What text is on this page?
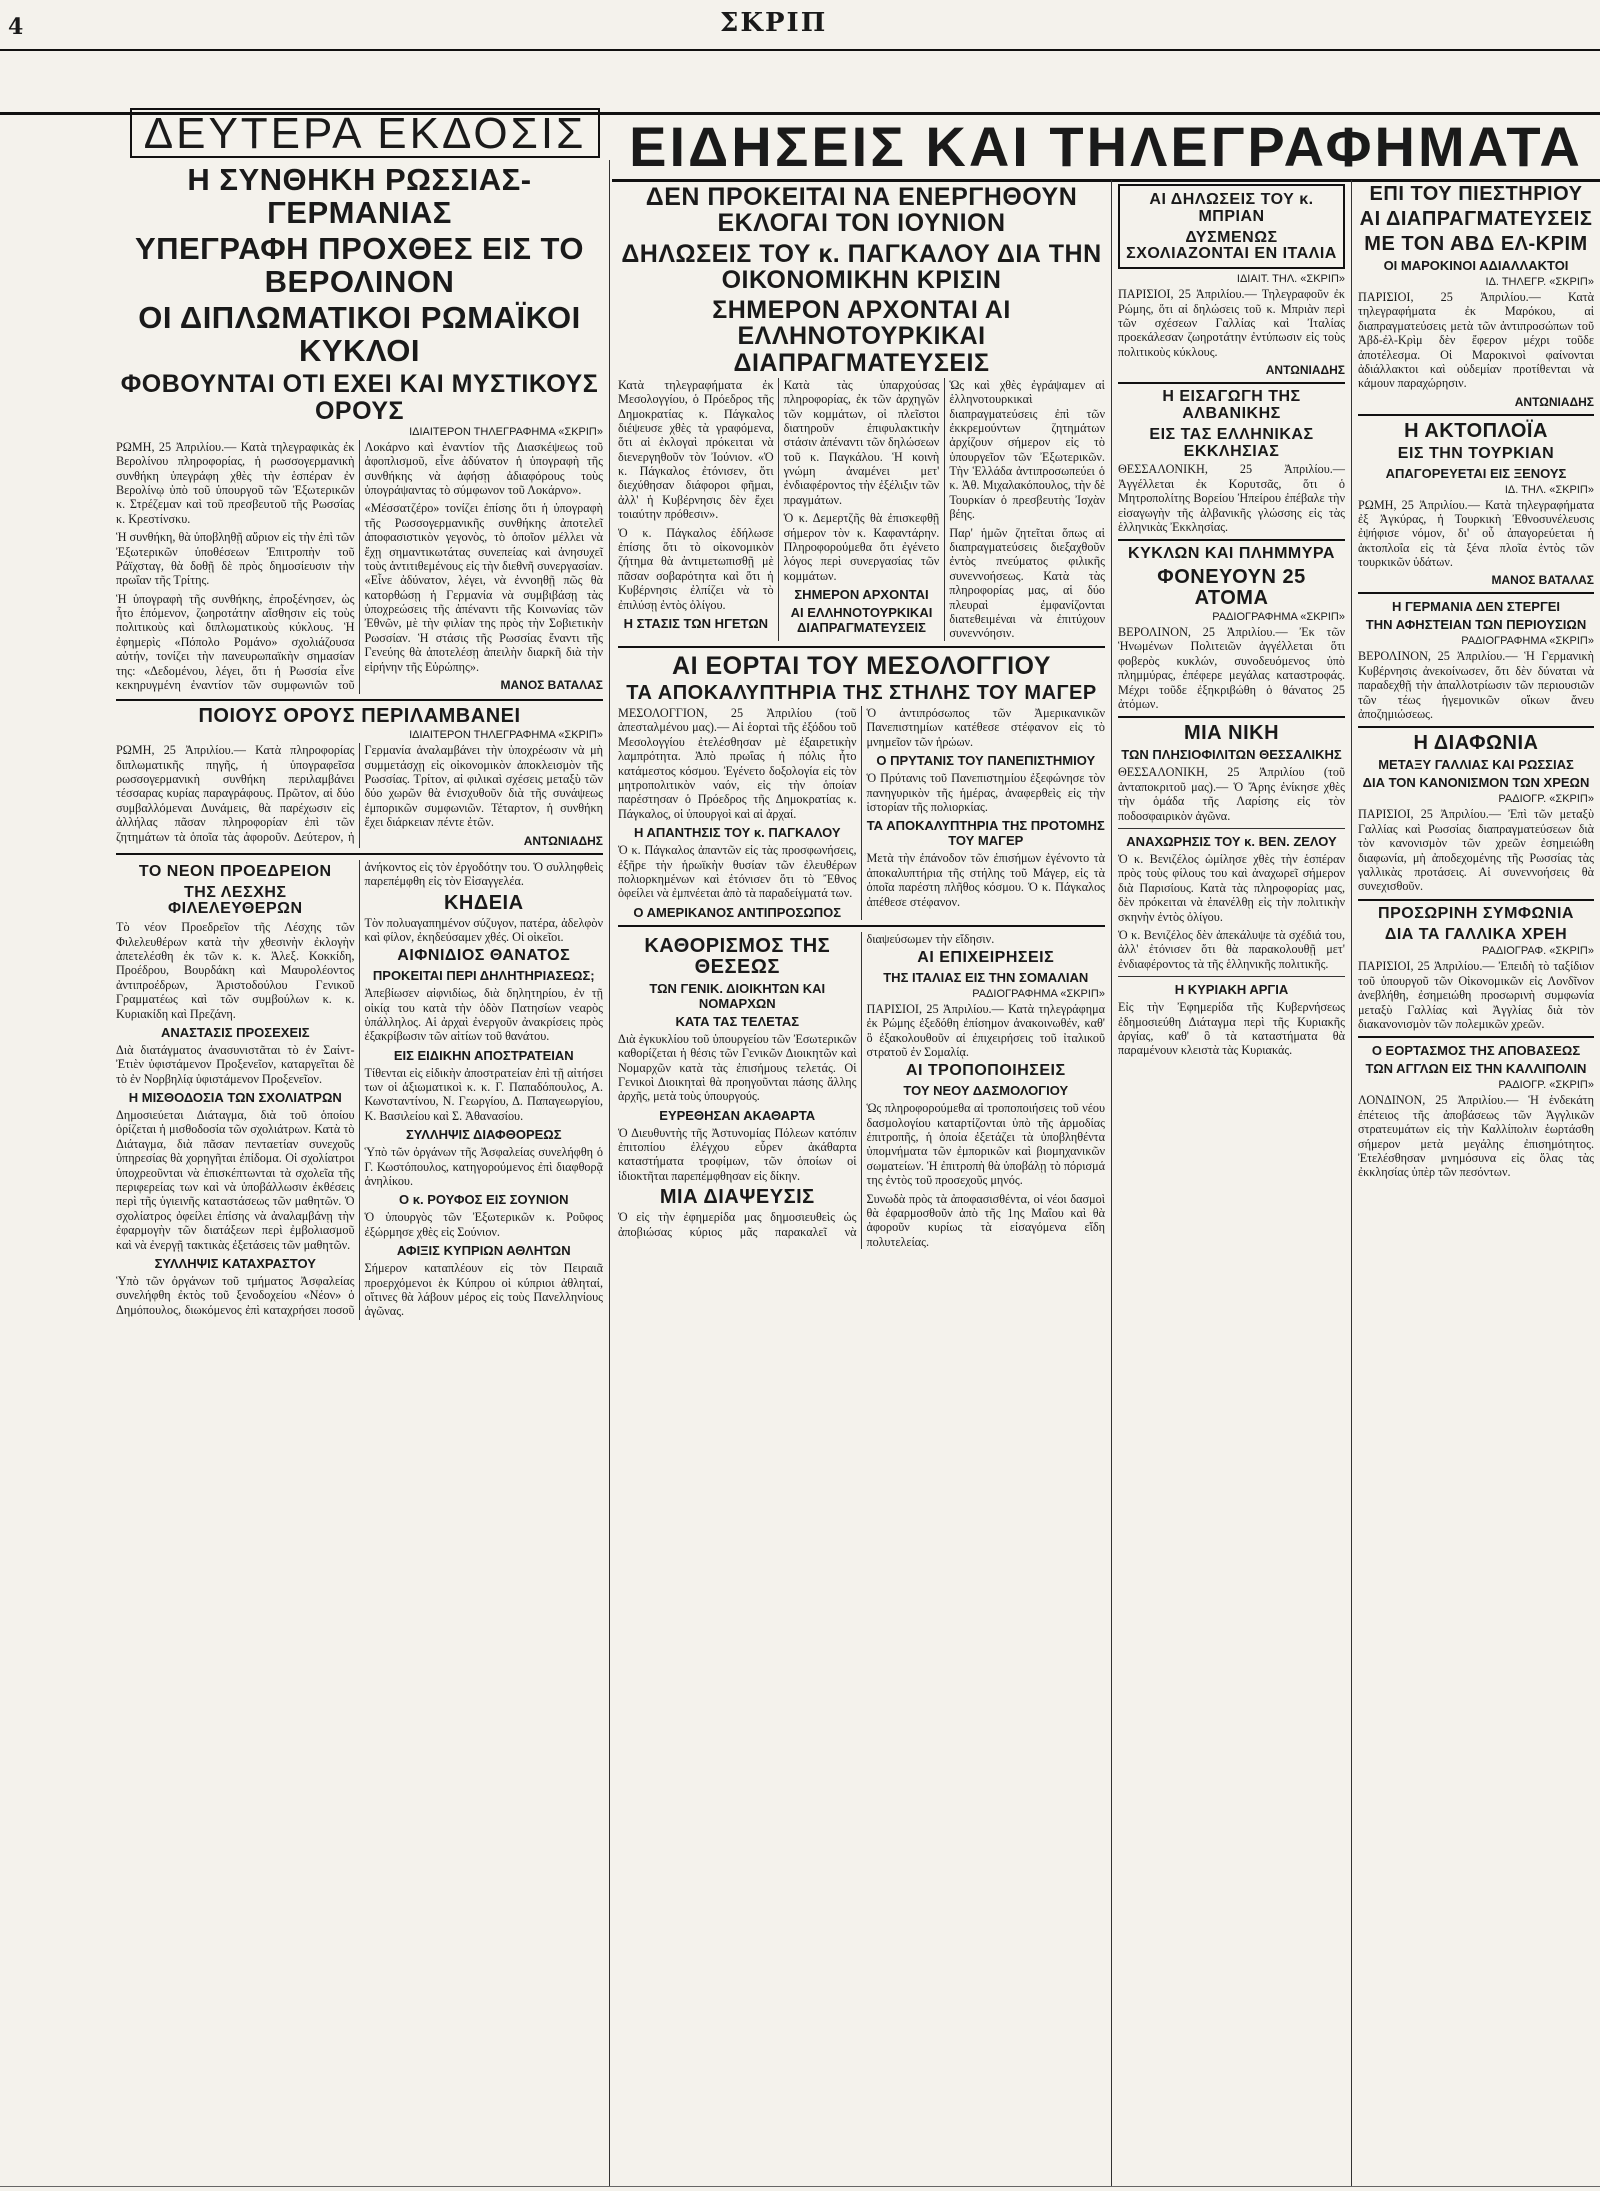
4	ΣΚΡΙΠ
ΔΕΥΤΕΡΑ ΕΚΔΟΣΙΣ ΕΙΔΗΣΕΙΣ ΚΑΙ ΤΗΛΕΓΡΑΦΗΜΑΤΑ
Η ΣΥΝΘΗΚΗ ΡΩΣΣΙΑΣ-ΓΕΡΜΑΝΙΑΣ
ΥΠΕΓΡΑΦΗ ΠΡΟΧΘΕΣ ΕΙΣ ΤΟ ΒΕΡΟΛΙΝΟΝ
ΟΙ ΔΙΠΛΩΜΑΤΙΚΟΙ ΡΩΜΑΪΚΟΙ ΚΥΚΛΟΙ
ΦΟΒΟΥΝΤΑΙ ΟΤΙ ΕΧΕΙ ΚΑΙ ΜΥΣΤΙΚΟΥΣ ΟΡΟΥΣ
ΙΔΙΑΙΤΕΡΟΝ ΤΗΛΕΓΡΑΦΗΜΑ «ΣΚΡΙΠ»

ΡΩΜΗ, 25 Ἀπριλίου.— Κατὰ τηλεγραφικὰς ἐκ Βερολίνου πληροφορίας, ἡ ρωσσογερμανικὴ συνθήκη ὑπεγράφη χθὲς τὴν ἑσπέραν ἐν Βερολίνῳ ὑπὸ τοῦ ὑπουργοῦ τῶν Ἐξωτερικῶν κ. Στρέζεμαν καὶ τοῦ πρεσβευτοῦ τῆς Ρωσσίας κ. Κρεστίνσκυ.

Ἡ συνθήκη, θὰ ὑποβληθῇ αὔριον εἰς τὴν ἐπὶ τῶν Ἐξωτερικῶν ὑποθέσεων Ἐπιτροπὴν τοῦ Ράϊχσταγ, θὰ δοθῇ δὲ πρὸς δημοσίευσιν τὴν πρωΐαν τῆς Τρίτης.

Ἡ ὑπογραφὴ τῆς συνθήκης, ἐπροξένησεν, ὡς ἦτο ἑπόμενον, ζωηροτάτην αἴσθησιν εἰς τοὺς πολιτικοὺς καὶ διπλωματικοὺς κύκλους. Ἡ ἐφημερὶς «Πόπολο Ρομάνο» σχολιάζουσα αὐτήν, τονίζει τὴν πανευρωπαϊκὴν σημασίαν της: «Δεδομένου, λέγει, ὅτι ἡ Ρωσσία εἶνε κεκηρυγμένη ἐναντίον τῶν συμφωνιῶν τοῦ Λοκάρνο καὶ ἐναντίον τῆς Διασκέψεως τοῦ ἀφοπλισμοῦ, εἶνε ἀδύνατον ἡ ὑπογραφὴ τῆς συνθήκης νὰ ἀφήσῃ ἀδιαφόρους τοὺς ὑπογράψαντας τὸ σύμφωνον τοῦ Λοκάρνο».

«Μέσσατζέρο» τονίζει ἐπίσης ὅτι ἡ ὑπογραφὴ τῆς Ρωσσογερμανικῆς συνθήκης ἀποτελεῖ ἀποφασιστικὸν γεγονὸς, τὸ ὁποῖον μέλλει νὰ ἔχῃ σημαντικωτάτας συνεπείας καὶ ἀνησυχεῖ τοὺς ἀντιτιθεμένους εἰς τὴν διεθνῆ συνεργασίαν. «Εἶνε ἀδύνατον, λέγει, νὰ ἐννοηθῇ πῶς θὰ κατορθώσῃ ἡ Γερμανία νὰ συμβιβάσῃ τὰς ὑποχρεώσεις τῆς ἀπέναντι τῆς Κοινωνίας τῶν Ἐθνῶν, μὲ τὴν φιλίαν της πρὸς τὴν Σοβιετικὴν Ρωσσίαν. Ἡ στάσις τῆς Ρωσσίας ἔναντι τῆς Γενεύης θὰ ἀποτελέσῃ ἀπειλὴν διαρκῆ διὰ τὴν εἰρήνην τῆς Εὐρώπης».

ΜΑΝΟΣ ΒΑΤΑΛΑΣ
ΠΟΙΟΥΣ ΟΡΟΥΣ ΠΕΡΙΛΑΜΒΑΝΕΙ
ΙΔΙΑΙΤΕΡΟΝ ΤΗΛΕΓΡΑΦΗΜΑ «ΣΚΡΙΠ»

ΡΩΜΗ, 25 Ἀπριλίου.— Κατὰ πληροφορίας διπλωματικῆς πηγῆς, ἡ ὑπογραφεῖσα ρωσσογερμανικὴ συνθήκη περιλαμβάνει τέσσαρας κυρίας παραγράφους. Πρῶτον, αἱ δύο συμβαλλόμεναι Δυνάμεις, θὰ παρέχωσιν εἰς ἀλλήλας πᾶσαν πληροφορίαν ἐπὶ τῶν ζητημάτων τὰ ὁποῖα τὰς ἀφοροῦν. Δεύτερον, ἡ Γερμανία ἀναλαμβάνει τὴν ὑποχρέωσιν νὰ μὴ συμμετάσχῃ εἰς οἰκονομικὸν ἀποκλεισμὸν τῆς Ρωσσίας. Τρίτον, αἱ φιλικαὶ σχέσεις μεταξὺ τῶν δύο χωρῶν θὰ ἐνισχυθοῦν διὰ τῆς συνάψεως ἐμπορικῶν συμφωνιῶν. Τέταρτον, ἡ συνθήκη ἔχει διάρκειαν πέντε ἐτῶν.

ΑΝΤΩΝΙΑΔΗΣ
ΤΟ ΝΕΟΝ ΠΡΟΕΔΡΕΙΟΝ
ΤΗΣ ΛΕΣΧΗΣ ΦΙΛΕΛΕΥΘΕΡΩΝ

Τὸ νέον Προεδρεῖον τῆς Λέσχης τῶν Φιλελευθέρων κατὰ τὴν χθεσινὴν ἐκλογὴν ἀπετελέσθη ἐκ τῶν κ. κ. Ἀλεξ. Κοκκίδη, Προέδρου, Βουρδάκη καὶ Μαυρολέοντος ἀντιπροέδρων, Ἀριστοδούλου Γενικοῦ Γραμματέως καὶ τῶν συμβούλων κ. κ. Κυριακίδη καὶ Πρεζάνη.

ΑΝΑΣΤΑΣΙΣ ΠΡΟΣΕΧΕΙΣ

Διὰ διατάγματος ἀνασυνιστᾶται τὸ ἐν Σαίντ-Ἐτιὲν ὑφιστάμενον Προξενεῖον, καταργεῖται δὲ τὸ ἐν Νορβηλίᾳ ὑφιστάμενον Προξενεῖον.

Η ΜΙΣΘΟΔΟΣΙΑ ΤΩΝ ΣΧΟΛΙΑΤΡΩΝ

Δημοσιεύεται Διάταγμα, διὰ τοῦ ὁποίου ὁρίζεται ἡ μισθοδοσία τῶν σχολιάτρων. Κατὰ τὸ Διάταγμα, διὰ πᾶσαν πενταετίαν συνεχοῦς ὑπηρεσίας θὰ χορηγῆται ἐπίδομα. Οἱ σχολίατροι ὑποχρεοῦνται νὰ ἐπισκέπτωνται τὰ σχολεῖα τῆς περιφερείας των καὶ νὰ ὑποβάλλωσιν ἐκθέσεις περὶ τῆς ὑγιεινῆς καταστάσεως τῶν μαθητῶν. Ὁ σχολίατρος ὀφείλει ἐπίσης νὰ ἀναλαμβάνῃ τὴν ἐφαρμογὴν τῶν διατάξεων περὶ ἐμβολιασμοῦ καὶ νὰ ἐνεργῇ τακτικὰς ἐξετάσεις τῶν μαθητῶν.

ΣΥΛΛΗΨΙΣ ΚΑΤΑΧΡΑΣΤΟΥ

Ὑπὸ τῶν ὀργάνων τοῦ τμήματος Ἀσφαλείας συνελήφθη ἐκτὸς τοῦ ξενοδοχείου «Νέον» ὁ Δημόπουλος, διωκόμενος ἐπὶ καταχρήσει ποσοῦ ἀνήκοντος εἰς τὸν ἐργοδότην του. Ὁ συλληφθεὶς παρεπέμφθη εἰς τὸν Εἰσαγγελέα.

ΚΗΔΕΙΑ

Τὸν πολυαγαπημένον σύζυγον, πατέρα, ἀδελφὸν καὶ φίλον, ἐκηδεύσαμεν χθές. Οἱ οἰκεῖοι.

ΑΙΦΝΙΔΙΟΣ ΘΑΝΑΤΟΣ
ΠΡΟΚΕΙΤΑΙ ΠΕΡΙ ΔΗΛΗΤΗΡΙΑΣΕΩΣ;

Ἀπεβίωσεν αἰφνιδίως, διὰ δηλητηρίου, ἐν τῇ οἰκίᾳ του κατὰ τὴν ὁδὸν Πατησίων νεαρὸς ὑπάλληλος. Αἱ ἀρχαὶ ἐνεργοῦν ἀνακρίσεις πρὸς ἐξακρίβωσιν τῶν αἰτίων τοῦ θανάτου.

ΕΙΣ ΕΙΔΙΚΗΝ ΑΠΟΣΤΡΑΤΕΙΑΝ

Τίθενται εἰς εἰδικὴν ἀποστρατείαν ἐπὶ τῇ αἰτήσει των οἱ ἀξιωματικοὶ κ. κ. Γ. Παπαδόπουλος, Α. Κωνσταντίνου, Ν. Γεωργίου, Δ. Παπαγεωργίου, Κ. Βασιλείου καὶ Σ. Ἀθανασίου.

ΣΥΛΛΗΨΙΣ ΔΙΑΦΘΟΡΕΩΣ

Ὑπὸ τῶν ὀργάνων τῆς Ἀσφαλείας συνελήφθη ὁ Γ. Κωστόπουλος, κατηγορούμενος ἐπὶ διαφθορᾷ ἀνηλίκου.

Ο κ. ΡΟΥΦΟΣ ΕΙΣ ΣΟΥΝΙΟΝ

Ὁ ὑπουργὸς τῶν Ἐξωτερικῶν κ. Ροῦφος ἐξώρμησε χθὲς εἰς Σούνιον.

ΑΦΙΞΙΣ ΚΥΠΡΙΩΝ ΑΘΛΗΤΩΝ

Σήμερον καταπλέουν εἰς τὸν Πειραιᾶ προερχόμενοι ἐκ Κύπρου οἱ κύπριοι ἀθληταί, οἵτινες θὰ λάβουν μέρος εἰς τοὺς Πανελληνίους ἀγῶνας.

ΔΕΝ ΠΡΟΚΕΙΤΑΙ ΝΑ ΕΝΕΡΓΗΘΟΥΝ ΕΚΛΟΓΑΙ ΤΟΝ ΙΟΥΝΙΟΝ
ΔΗΛΩΣΕΙΣ ΤΟΥ κ. ΠΑΓΚΑΛΟΥ ΔΙΑ ΤΗΝ ΟΙΚΟΝΟΜΙΚΗΝ ΚΡΙΣΙΝ
ΣΗΜΕΡΟΝ ΑΡΧΟΝΤΑΙ ΑΙ ΕΛΛΗΝΟΤΟΥΡΚΙΚΑΙ ΔΙΑΠΡΑΓΜΑΤΕΥΣΕΙΣ

Κατὰ τηλεγραφήματα ἐκ Μεσολογγίου, ὁ Πρόεδρος τῆς Δημοκρατίας κ. Πάγκαλος διέψευσε χθὲς τὰ γραφόμενα, ὅτι αἱ ἐκλογαὶ πρόκειται νὰ διενεργηθοῦν τὸν Ἰούνιον. «Ὁ κ. Πάγκαλος ἐτόνισεν, ὅτι διεχύθησαν διάφοροι φῆμαι, ἀλλ' ἡ Κυβέρνησις δὲν ἔχει τοιαύτην πρόθεσιν».

Ὁ κ. Πάγκαλος ἐδήλωσε ἐπίσης ὅτι τὸ οἰκονομικὸν ζήτημα θὰ ἀντιμετωπισθῇ μὲ πᾶσαν σοβαρότητα καὶ ὅτι ἡ Κυβέρνησις ἐλπίζει νὰ τὸ ἐπιλύσῃ ἐντὸς ὀλίγου.

Η ΣΤΑΣΙΣ ΤΩΝ ΗΓΕΤΩΝ

Κατὰ τὰς ὑπαρχούσας πληροφορίας, ἐκ τῶν ἀρχηγῶν τῶν κομμάτων, οἱ πλεῖστοι διατηροῦν ἐπιφυλακτικὴν στάσιν ἀπέναντι τῶν δηλώσεων τοῦ κ. Παγκάλου. Ἡ κοινὴ γνώμη ἀναμένει μετ' ἐνδιαφέροντος τὴν ἐξέλιξιν τῶν πραγμάτων.

Ὁ κ. Δεμερτζῆς θὰ ἐπισκεφθῇ σήμερον τὸν κ. Καφαντάρην. Πληροφορούμεθα ὅτι ἐγένετο λόγος περὶ συνεργασίας τῶν κομμάτων.

ΣΗΜΕΡΟΝ ΑΡΧΟΝΤΑΙ
ΑΙ ΕΛΛΗΝΟΤΟΥΡΚΙΚΑΙ ΔΙΑΠΡΑΓΜΑΤΕΥΣΕΙΣ

Ὡς καὶ χθὲς ἐγράψαμεν αἱ ἑλληνοτουρκικαὶ διαπραγματεύσεις ἐπὶ τῶν ἐκκρεμούντων ζητημάτων ἀρχίζουν σήμερον εἰς τὸ ὑπουργεῖον τῶν Ἐξωτερικῶν. Τὴν Ἑλλάδα ἀντιπροσωπεύει ὁ κ. Ἀθ. Μιχαλακόπουλος, τὴν δὲ Τουρκίαν ὁ πρεσβευτὴς Ἰσχὰν βέης.

Παρ' ἡμῶν ζητεῖται ὅπως αἱ διαπραγματεύσεις διεξαχθοῦν ἐντὸς πνεύματος φιλικῆς συνεννοήσεως. Κατὰ τὰς πληροφορίας μας, αἱ δύο πλευραὶ ἐμφανίζονται διατεθειμέναι νὰ ἐπιτύχουν συνεννόησιν.

ΑΙ ΕΟΡΤΑΙ ΤΟΥ ΜΕΣΟΛΟΓΓΙΟΥ
ΤΑ ΑΠΟΚΑΛΥΠΤΗΡΙΑ ΤΗΣ ΣΤΗΛΗΣ ΤΟΥ ΜΑΓΕΡ

ΜΕΣΟΛΟΓΓΙΟΝ, 25 Ἀπριλίου (τοῦ ἀπεσταλμένου μας).— Αἱ ἑορταὶ τῆς ἐξόδου τοῦ Μεσολογγίου ἐτελέσθησαν μὲ ἐξαιρετικὴν λαμπρότητα. Ἀπὸ πρωΐας ἡ πόλις ἦτο κατάμεστος κόσμου. Ἐγένετο δοξολογία εἰς τὸν μητροπολιτικὸν ναόν, εἰς τὴν ὁποίαν παρέστησαν ὁ Πρόεδρος τῆς Δημοκρατίας κ. Πάγκαλος, οἱ ὑπουργοὶ καὶ αἱ ἀρχαί.

Η ΑΠΑΝΤΗΣΙΣ ΤΟΥ κ. ΠΑΓΚΑΛΟΥ

Ὁ κ. Πάγκαλος ἀπαντῶν εἰς τὰς προσφωνήσεις, ἐξῆρε τὴν ἡρωϊκὴν θυσίαν τῶν ἐλευθέρων πολιορκημένων καὶ ἐτόνισεν ὅτι τὸ Ἔθνος ὀφείλει νὰ ἐμπνέεται ἀπὸ τὰ παραδείγματά των.

Ο ΑΜΕΡΙΚΑΝΟΣ ΑΝΤΙΠΡΟΣΩΠΟΣ

Ὁ ἀντιπρόσωπος τῶν Ἀμερικανικῶν Πανεπιστημίων κατέθεσε στέφανον εἰς τὸ μνημεῖον τῶν ἡρώων.

Ο ΠΡΥΤΑΝΙΣ ΤΟΥ ΠΑΝΕΠΙΣΤΗΜΙΟΥ

Ὁ Πρύτανις τοῦ Πανεπιστημίου ἐξεφώνησε τὸν πανηγυρικὸν τῆς ἡμέρας, ἀναφερθεὶς εἰς τὴν ἱστορίαν τῆς πολιορκίας.

ΤΑ ΑΠΟΚΑΛΥΠΤΗΡΙΑ ΤΗΣ ΠΡΟΤΟΜΗΣ ΤΟΥ ΜΑΓΕΡ

Μετὰ τὴν ἐπάνοδον τῶν ἐπισήμων ἐγένοντο τὰ ἀποκαλυπτήρια τῆς στήλης τοῦ Μάγερ, εἰς τὰ ὁποῖα παρέστη πλῆθος κόσμου. Ὁ κ. Πάγκαλος ἀπέθεσε στέφανον.

ΚΑΘΟΡΙΣΜΟΣ ΤΗΣ ΘΕΣΕΩΣ
ΤΩΝ ΓΕΝΙΚ. ΔΙΟΙΚΗΤΩΝ ΚΑΙ ΝΟΜΑΡΧΩΝ
ΚΑΤΑ ΤΑΣ ΤΕΛΕΤΑΣ

Διὰ ἐγκυκλίου τοῦ ὑπουργείου τῶν Ἐσωτερικῶν καθορίζεται ἡ θέσις τῶν Γενικῶν Διοικητῶν καὶ Νομαρχῶν κατὰ τὰς ἐπισήμους τελετάς. Οἱ Γενικοὶ Διοικηταὶ θὰ προηγοῦνται πάσης ἄλλης ἀρχῆς, μετὰ τοὺς ὑπουργούς.

ΕΥΡΕΘΗΣΑΝ ΑΚΑΘΑΡΤΑ

Ὁ Διευθυντὴς τῆς Ἀστυνομίας Πόλεων κατόπιν ἐπιτοπίου ἐλέγχου εὗρεν ἀκάθαρτα καταστήματα τροφίμων, τῶν ὁποίων οἱ ἰδιοκτῆται παρεπέμφθησαν εἰς δίκην.

ΜΙΑ ΔΙΑΨΕΥΣΙΣ

Ὁ εἰς τὴν ἐφημερίδα μας δημοσιευθεὶς ὡς ἀποβιώσας κύριος μᾶς παρακαλεῖ νὰ διαψεύσωμεν τὴν εἴδησιν.

ΑΙ ΕΠΙΧΕΙΡΗΣΕΙΣ
ΤΗΣ ΙΤΑΛΙΑΣ ΕΙΣ ΤΗΝ ΣΟΜΑΛΙΑΝ
ΡΑΔΙΟΓΡΑΦΗΜΑ «ΣΚΡΙΠ»

ΠΑΡΙΣΙΟΙ, 25 Ἀπριλίου.— Κατὰ τηλεγράφημα ἐκ Ρώμης ἐξεδόθη ἐπίσημον ἀνακοινωθέν, καθ' ὃ ἐξακολουθοῦν αἱ ἐπιχειρήσεις τοῦ ἰταλικοῦ στρατοῦ ἐν Σομαλίᾳ.

ΑΙ ΤΡΟΠΟΠΟΙΗΣΕΙΣ
ΤΟΥ ΝΕΟΥ ΔΑΣΜΟΛΟΓΙΟΥ

Ὡς πληροφορούμεθα αἱ τροποποιήσεις τοῦ νέου δασμολογίου καταρτίζονται ὑπὸ τῆς ἁρμοδίας ἐπιτροπῆς, ἡ ὁποία ἐξετάζει τὰ ὑποβληθέντα ὑπομνήματα τῶν ἐμπορικῶν καὶ βιομηχανικῶν σωματείων. Ἡ ἐπιτροπὴ θὰ ὑποβάλῃ τὸ πόρισμά της ἐντὸς τοῦ προσεχοῦς μηνός.

Συνωδὰ πρὸς τὰ ἀποφασισθέντα, οἱ νέοι δασμοὶ θὰ ἐφαρμοσθοῦν ἀπὸ τῆς 1ης Μαΐου καὶ θὰ ἀφοροῦν κυρίως τὰ εἰσαγόμενα εἴδη πολυτελείας.

ΑΙ ΔΗΛΩΣΕΙΣ ΤΟΥ κ. ΜΠΡΙΑΝ
ΔΥΣΜΕΝΩΣ ΣΧΟΛΙΑΖΟΝΤΑΙ ΕΝ ΙΤΑΛΙΑ
ΙΔΙΑΙΤ. ΤΗΛ. «ΣΚΡΙΠ»

ΠΑΡΙΣΙΟΙ, 25 Ἀπριλίου.— Τηλεγραφοῦν ἐκ Ρώμης, ὅτι αἱ δηλώσεις τοῦ κ. Μπριὰν περὶ τῶν σχέσεων Γαλλίας καὶ Ἰταλίας προεκάλεσαν ζωηροτάτην ἐντύπωσιν εἰς τοὺς πολιτικοὺς κύκλους.

ΑΝΤΩΝΙΑΔΗΣ
Η ΕΙΣΑΓΩΓΗ ΤΗΣ ΑΛΒΑΝΙΚΗΣ
ΕΙΣ ΤΑΣ ΕΛΛΗΝΙΚΑΣ ΕΚΚΛΗΣΙΑΣ

ΘΕΣΣΑΛΟΝΙΚΗ, 25 Ἀπριλίου.— Ἀγγέλλεται ἐκ Κορυτσᾶς, ὅτι ὁ Μητροπολίτης Βορείου Ἠπείρου ἐπέβαλε τὴν εἰσαγωγὴν τῆς ἀλβανικῆς γλώσσης εἰς τὰς ἑλληνικὰς Ἐκκλησίας.

ΚΥΚΛΩΝ ΚΑΙ ΠΛΗΜΜΥΡΑ
ΦΟΝΕΥΟΥΝ 25 ΑΤΟΜΑ
ΡΑΔΙΟΓΡΑΦΗΜΑ «ΣΚΡΙΠ»

ΒΕΡΟΛΙΝΟΝ, 25 Ἀπριλίου.— Ἐκ τῶν Ἡνωμένων Πολιτειῶν ἀγγέλλεται ὅτι φοβερὸς κυκλών, συνοδευόμενος ὑπὸ πλημμύρας, ἐπέφερε μεγάλας καταστροφάς. Μέχρι τοῦδε ἐξηκριβώθη ὁ θάνατος 25 ἀτόμων.

ΜΙΑ ΝΙΚΗ
ΤΩΝ ΠΛΗΣΙΟΦΙΛΙΤΩΝ ΘΕΣΣΑΛΙΚΗΣ

ΘΕΣΣΑΛΟΝΙΚΗ, 25 Ἀπριλίου (τοῦ ἀνταποκριτοῦ μας).— Ὁ Ἄρης ἐνίκησε χθὲς τὴν ὁμάδα τῆς Λαρίσης εἰς τὸν ποδοσφαιρικὸν ἀγῶνα.

ΑΝΑΧΩΡΗΣΙΣ ΤΟΥ κ. ΒΕΝ. ΖΕΛΟΥ

Ὁ κ. Βενιζέλος ὡμίλησε χθὲς τὴν ἑσπέραν πρὸς τοὺς φίλους του καὶ ἀναχωρεῖ σήμερον διὰ Παρισίους. Κατὰ τὰς πληροφορίας μας, δὲν πρόκειται νὰ ἐπανέλθῃ εἰς τὴν πολιτικὴν σκηνὴν ἐντὸς ὀλίγου.

Ὁ κ. Βενιζέλος δὲν ἀπεκάλυψε τὰ σχέδιά του, ἀλλ' ἐτόνισεν ὅτι θὰ παρακολουθῇ μετ' ἐνδιαφέροντος τὰ τῆς ἑλληνικῆς πολιτικῆς.

Η ΚΥΡΙΑΚΗ ΑΡΓΙΑ

Εἰς τὴν Ἐφημερίδα τῆς Κυβερνήσεως ἐδημοσιεύθη Διάταγμα περὶ τῆς Κυριακῆς ἀργίας, καθ' ὃ τὰ καταστήματα θὰ παραμένουν κλειστὰ τὰς Κυριακάς.

ΕΠΙ ΤΟΥ ΠΙΕΣΤΗΡΙΟΥ
ΑΙ ΔΙΑΠΡΑΓΜΑΤΕΥΣΕΙΣ
ΜΕ ΤΟΝ ΑΒΔ ΕΛ-ΚΡΙΜ
ΟΙ ΜΑΡΟΚΙΝΟΙ ΑΔΙΑΛΛΑΚΤΟΙ
ΙΔ. ΤΗΛΕΓΡ. «ΣΚΡΙΠ»

ΠΑΡΙΣΙΟΙ, 25 Ἀπριλίου.— Κατὰ τηλεγραφήματα ἐκ Μαρόκου, αἱ διαπραγματεύσεις μετὰ τῶν ἀντιπροσώπων τοῦ Ἀβδ-ἐλ-Κρὶμ δὲν ἔφερον μέχρι τοῦδε ἀποτέλεσμα. Οἱ Μαροκινοὶ φαίνονται ἀδιάλλακτοι καὶ οὐδεμίαν προτίθενται νὰ κάμουν παραχώρησιν.

ΑΝΤΩΝΙΑΔΗΣ
Η ΑΚΤΟΠΛΟΪΑ
ΕΙΣ ΤΗΝ ΤΟΥΡΚΙΑΝ
ΑΠΑΓΟΡΕΥΕΤΑΙ ΕΙΣ ΞΕΝΟΥΣ
ΙΔ. ΤΗΛ. «ΣΚΡΙΠ»

ΡΩΜΗ, 25 Ἀπριλίου.— Κατὰ τηλεγραφήματα ἐξ Ἀγκύρας, ἡ Τουρκικὴ Ἐθνοσυνέλευσις ἐψήφισε νόμον, δι' οὗ ἀπαγορεύεται ἡ ἀκτοπλοΐα εἰς τὰ ξένα πλοῖα ἐντὸς τῶν τουρκικῶν ὑδάτων.

ΜΑΝΟΣ ΒΑΤΑΛΑΣ
Η ΓΕΡΜΑΝΙΑ ΔΕΝ ΣΤΕΡΓΕΙ
ΤΗΝ ΑΦΗΣΤΕΙΑΝ ΤΩΝ ΠΕΡΙΟΥΣΙΩΝ
ΡΑΔΙΟΓΡΑΦΗΜΑ «ΣΚΡΙΠ»

ΒΕΡΟΛΙΝΟΝ, 25 Ἀπριλίου.— Ἡ Γερμανικὴ Κυβέρνησις ἀνεκοίνωσεν, ὅτι δὲν δύναται νὰ παραδεχθῇ τὴν ἀπαλλοτρίωσιν τῶν περιουσιῶν τῶν τέως ἡγεμονικῶν οἴκων ἄνευ ἀποζημιώσεως.

Η ΔΙΑΦΩΝΙΑ
ΜΕΤΑΞΥ ΓΑΛΛΙΑΣ ΚΑΙ ΡΩΣΣΙΑΣ
ΔΙΑ ΤΟΝ ΚΑΝΟΝΙΣΜΟΝ ΤΩΝ ΧΡΕΩΝ
ΡΑΔΙΟΓΡ. «ΣΚΡΙΠ»

ΠΑΡΙΣΙΟΙ, 25 Ἀπριλίου.— Ἐπὶ τῶν μεταξὺ Γαλλίας καὶ Ρωσσίας διαπραγματεύσεων διὰ τὸν κανονισμὸν τῶν χρεῶν ἐσημειώθη διαφωνία, μὴ ἀποδεχομένης τῆς Ρωσσίας τὰς γαλλικὰς προτάσεις. Αἱ συνεννοήσεις θὰ συνεχισθοῦν.

ΠΡΟΣΩΡΙΝΗ ΣΥΜΦΩΝΙΑ
ΔΙΑ ΤΑ ΓΑΛΛΙΚΑ ΧΡΕΗ
ΡΑΔΙΟΓΡΑΦ. «ΣΚΡΙΠ»

ΠΑΡΙΣΙΟΙ, 25 Ἀπριλίου.— Ἐπειδὴ τὸ ταξίδιον τοῦ ὑπουργοῦ τῶν Οἰκονομικῶν εἰς Λονδῖνον ἀνεβλήθη, ἐσημειώθη προσωρινὴ συμφωνία μεταξὺ Γαλλίας καὶ Ἀγγλίας διὰ τὸν διακανονισμὸν τῶν πολεμικῶν χρεῶν.

Ο ΕΟΡΤΑΣΜΟΣ ΤΗΣ ΑΠΟΒΑΣΕΩΣ
ΤΩΝ ΑΓΓΛΩΝ ΕΙΣ ΤΗΝ ΚΑΛΛΙΠΟΛΙΝ
ΡΑΔΙΟΓΡ. «ΣΚΡΙΠ»

ΛΟΝΔΙΝΟΝ, 25 Ἀπριλίου.— Ἡ ἑνδεκάτη ἐπέτειος τῆς ἀποβάσεως τῶν Ἀγγλικῶν στρατευμάτων εἰς τὴν Καλλίπολιν ἑωρτάσθη σήμερον μετὰ μεγάλης ἐπισημότητος. Ἐτελέσθησαν μνημόσυνα εἰς ὅλας τὰς ἐκκλησίας ὑπὲρ τῶν πεσόντων.
